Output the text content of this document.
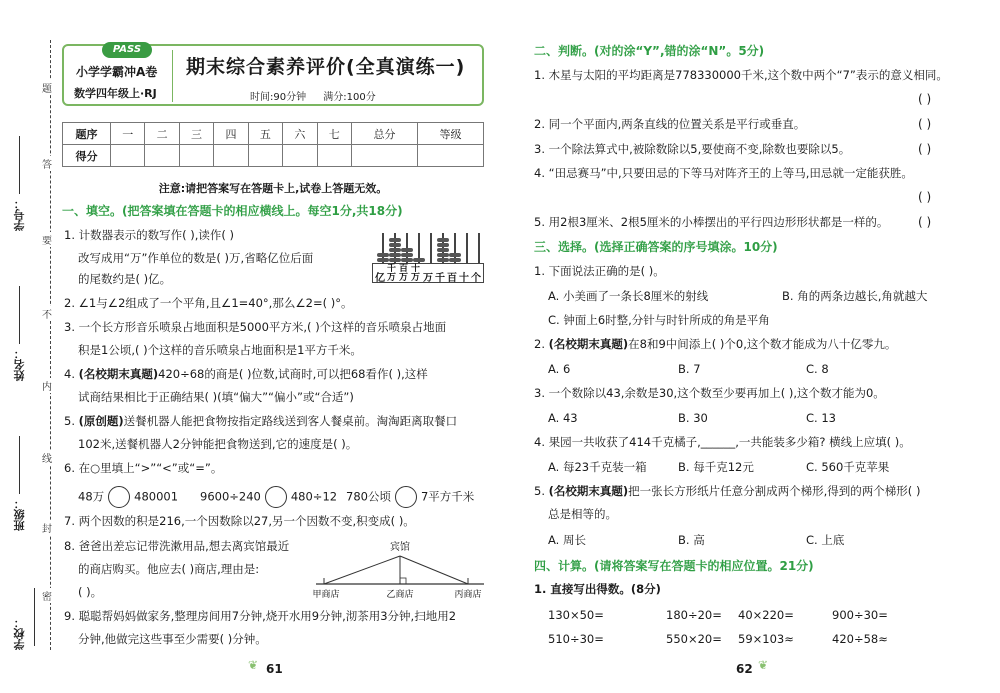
题
答
要
不
内
线
封
密
学号：
姓名：
班级：
学校：
PASS
小学学霸冲A卷
数学四年级上·RJ
期末综合素养评价(全真演练一)
时间:90分钟 满分:100分
题序	一	二	三	四	五	六	七	总分	等级
得分									
注意:请把答案写在答题卡上,试卷上答题无效。
一、填空。(把答案填在答题卡的相应横线上。每空1分,共18分)
1. 计数器表示的数写作( ),读作( )
改写成用“万”作单位的数是( )万,省略亿位后面
的尾数约是( )亿。	亿
千万
百万
十万 万 千 百 十 个
2. ∠1与∠2组成了一个平角,且∠1=40°,那么∠2=( )°。
3. 一个长方形音乐喷泉占地面积是5000平方米,( )个这样的音乐喷泉占地面
积是1公顷,( )个这样的音乐喷泉占地面积是1平方千米。
4. (名校期末真题)420÷68的商是( )位数,试商时,可以把68看作( ),这样
试商结果相比于正确结果( )(填“偏大”“偏小”或“合适”)
5. (原创题)送餐机器人能把食物按指定路线送到客人餐桌前。淘淘距离取餐口
102米,送餐机器人2分钟能把食物送到,它的速度是( )。
6. 在○里填上“>”“<”或“=”。
48万	480001 9600÷240	480÷12 780公顷	7平方千米
7. 两个因数的积是216,一个因数除以27,另一个因数不变,积变成( )。
8. 爸爸出差忘记带洗漱用品,想去离宾馆最近
的商店购买。他应去( )商店,理由是:
( )。
宾馆
甲商店	乙商店	丙商店
9. 聪聪帮妈妈做家务,整理房间用7分钟,烧开水用9分钟,沏茶用3分钟,扫地用2
分钟,他做完这些事至少需要( )分钟。
❦ 61
二、判断。(对的涂“Y”,错的涂“N”。5分)
1. 木星与太阳的平均距离是778330000千米,这个数中两个“7”表示的意义相同。
( )
2. 同一个平面内,两条直线的位置关系是平行或垂直。	( )
3. 一个除法算式中,被除数除以5,要使商不变,除数也要除以5。	( )
4. “田忌赛马”中,只要田忌的下等马对阵齐王的上等马,田忌就一定能获胜。
( )
5. 用2根3厘米、2根5厘米的小棒摆出的平行四边形形状都是一样的。 ( )
三、选择。(选择正确答案的序号填涂。10分)
1. 下面说法正确的是( )。
A. 小美画了一条长8厘米的射线	B. 角的两条边越长,角就越大
C. 钟面上6时整,分针与时针所成的角是平角
2. (名校期末真题)在8和9中间添上( )个0,这个数才能成为八十亿零九。
A. 6	B. 7	C. 8
3. 一个数除以43,余数是30,这个数至少要再加上( ),这个数才能为0。
A. 43	B. 30	C. 13
4. 果园一共收获了414千克橘子,______,一共能装多少箱? 横线上应填( )。
A. 每23千克装一箱	B. 每千克12元	C. 560千克苹果
5. (名校期末真题)把一张长方形纸片任意分割成两个梯形,得到的两个梯形( )
总是相等的。
A. 周长	B. 高	C. 上底
四、计算。(请将答案写在答题卡的相应位置。21分)
1. 直接写出得数。(8分)
130×50=	180÷20= 40×220=	900÷30=
510÷30=	550×20= 59×103≈	420÷58≈
62 ❦
